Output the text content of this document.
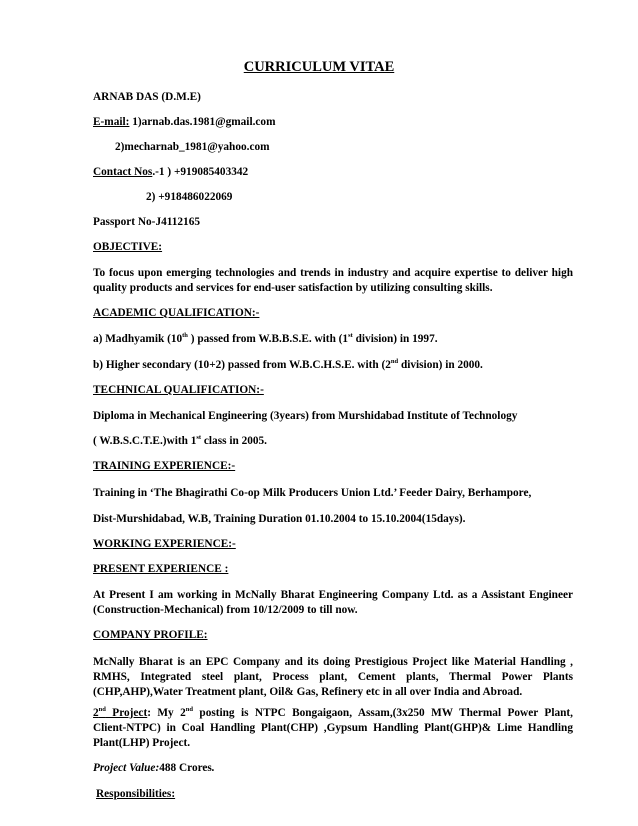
CURRICULUM VITAE
ARNAB DAS (D.M.E)
E-mail: 1)arnab.das.1981@gmail.com
2)mecharnab_1981@yahoo.com
Contact Nos.-1 ) +919085403342
2) +918486022069
Passport No-J4112165
OBJECTIVE:
To focus upon emerging technologies and trends in industry and acquire expertise to deliver high
quality products and services for end-user satisfaction by utilizing consulting skills.
ACADEMIC QUALIFICATION:-
a) Madhyamik (10th ) passed from W.B.B.S.E. with (1st division) in 1997.
b) Higher secondary (10+2) passed from W.B.C.H.S.E. with (2nd division) in 2000.
TECHNICAL QUALIFICATION:-
Diploma in Mechanical Engineering (3years) from Murshidabad Institute of Technology
( W.B.S.C.T.E.)with 1st class in 2005.
TRAINING EXPERIENCE:-
Training in ‘The Bhagirathi Co-op Milk Producers Union Ltd.’ Feeder Dairy, Berhampore,
Dist-Murshidabad, W.B, Training Duration 01.10.2004 to 15.10.2004(15days).
WORKING EXPERIENCE:-
PRESENT EXPERIENCE :
At Present I am working in McNally Bharat Engineering Company Ltd. as a Assistant Engineer
(Construction-Mechanical) from 10/12/2009 to till now.
COMPANY PROFILE:
McNally Bharat is an EPC Company and its doing Prestigious Project like Material Handling ,
RMHS, Integrated steel plant, Process plant, Cement plants, Thermal Power Plants
(CHP,AHP),Water Treatment plant, Oil& Gas, Refinery etc in all over India and Abroad.
2nd Project: My 2nd posting is NTPC Bongaigaon, Assam,(3x250 MW Thermal Power Plant,
Client-NTPC) in Coal Handling Plant(CHP) ,Gypsum Handling Plant(GHP)& Lime Handling
Plant(LHP) Project.
Project Value:488 Crores.
Responsibilities:
